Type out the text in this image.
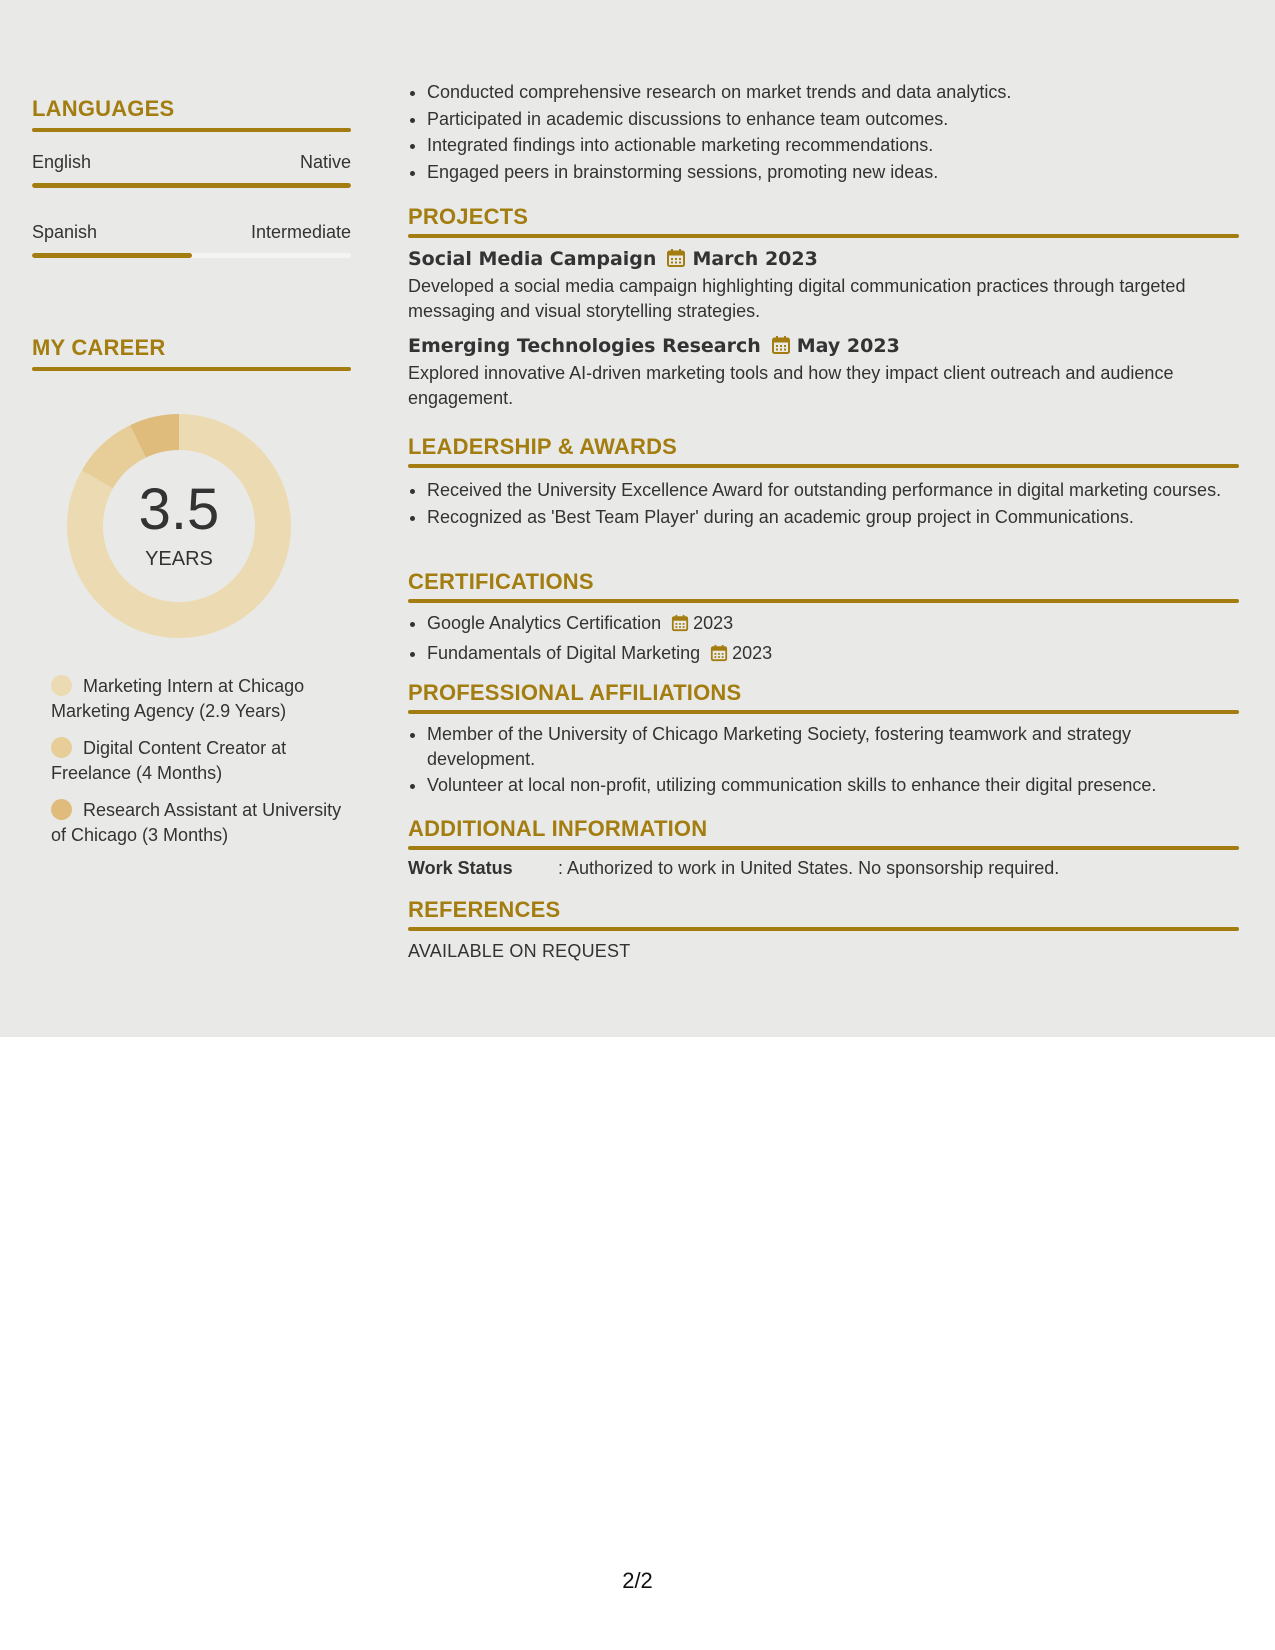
LANGUAGES
English	Native
Spanish	Intermediate
MY CAREER
3.5
YEARS
Marketing Intern at Chicago Marketing Agency (2.9 Years)
Digital Content Creator at Freelance (4 Months)
Research Assistant at University of Chicago (3 Months)
• Conducted comprehensive research on market trends and data analytics.
• Participated in academic discussions to enhance team outcomes.
• Integrated findings into actionable marketing recommendations.
• Engaged peers in brainstorming sessions, promoting new ideas.
PROJECTS
Social Media Campaign March 2023
Developed a social media campaign highlighting digital communication practices through targeted messaging and visual storytelling strategies.
Emerging Technologies Research May 2023
Explored innovative AI-driven marketing tools and how they impact client outreach and audience engagement.
LEADERSHIP & AWARDS
• Received the University Excellence Award for outstanding performance in digital marketing courses.
• Recognized as 'Best Team Player' during an academic group project in Communications.
CERTIFICATIONS
• Google Analytics Certification 2023
• Fundamentals of Digital Marketing 2023
PROFESSIONAL AFFILIATIONS
• Member of the University of Chicago Marketing Society, fostering teamwork and strategy development.
• Volunteer at local non-profit, utilizing communication skills to enhance their digital presence.
ADDITIONAL INFORMATION
Work Status	: Authorized to work in United States. No sponsorship required.
REFERENCES
AVAILABLE ON REQUEST
2/2
